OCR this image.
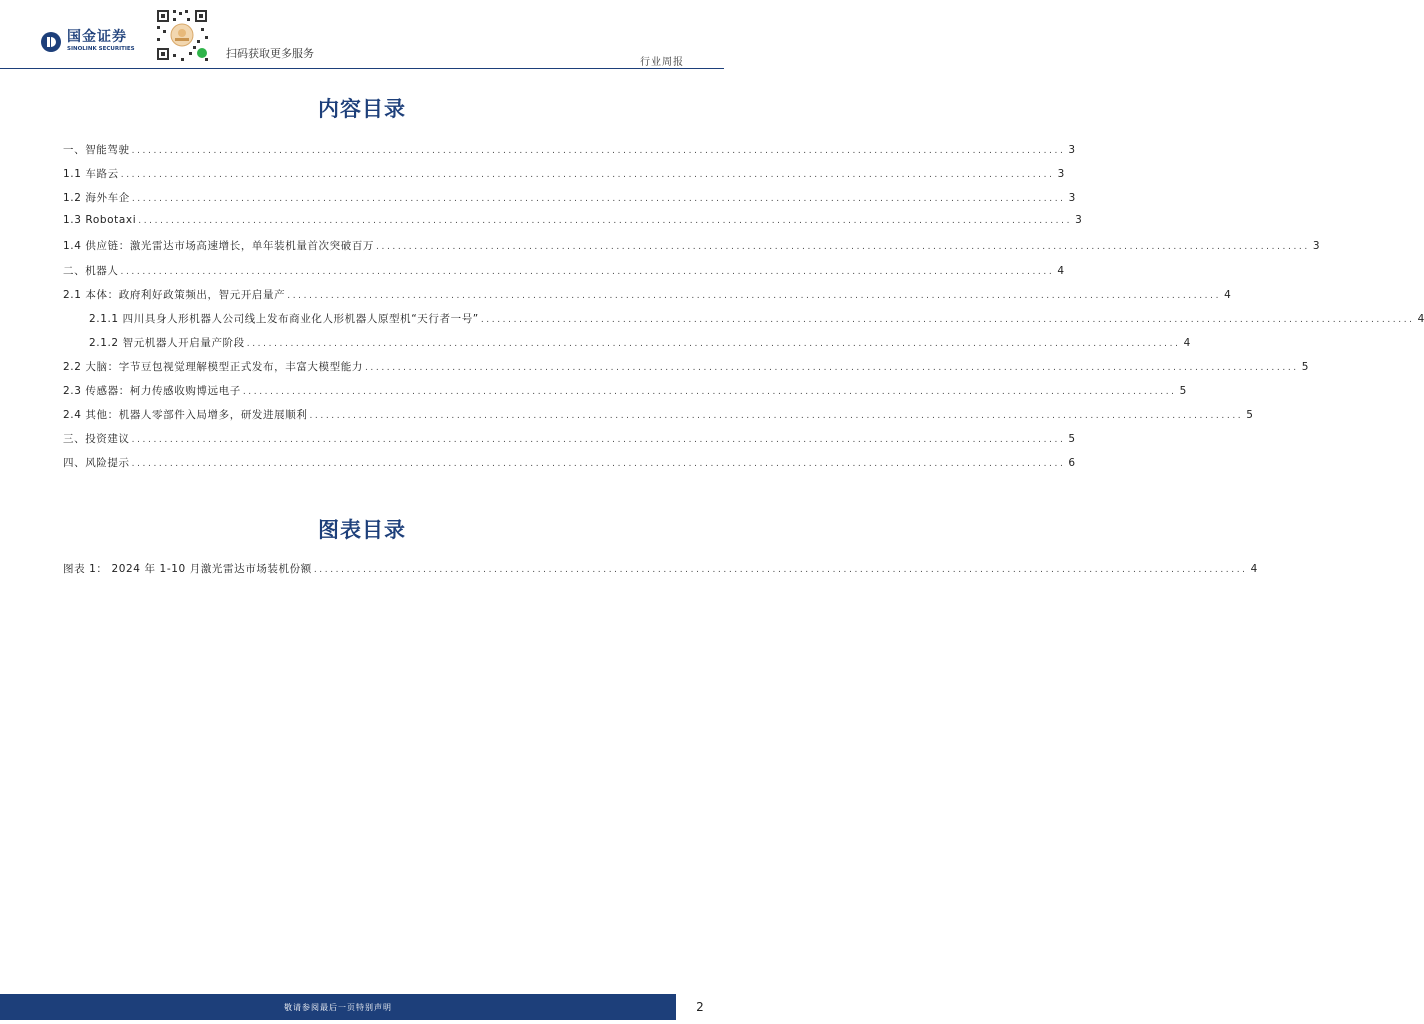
国金证券
SINOLINK SECURITIES	扫码获取更多服务
行业周报
内容目录
一、智能驾驶 ........................................................................................................................................................................... 3
1.1 车路云 ........................................................................................................................................................................... 3
1.2 海外车企 ........................................................................................................................................................................... 3
1.3 Robotaxi ........................................................................................................................................................................... 3
1.4 供应链：激光雷达市场高速增长，单年装机量首次突破百万 ........................................................................................................................................................................... 3
二、机器人 ........................................................................................................................................................................... 4
2.1 本体：政府利好政策频出，智元开启量产 ........................................................................................................................................................................... 4
2.1.1 四川具身人形机器人公司线上发布商业化人形机器人原型机“天行者一号” ........................................................................................................................................................................... 4
2.1.2 智元机器人开启量产阶段 ........................................................................................................................................................................... 4
2.2 大脑：字节豆包视觉理解模型正式发布，丰富大模型能力 ........................................................................................................................................................................... 5
2.3 传感器：柯力传感收购博远电子 ........................................................................................................................................................................... 5
2.4 其他：机器人零部件入局增多，研发进展顺利 ........................................................................................................................................................................... 5
三、投资建议 ........................................................................................................................................................................... 5
四、风险提示 ........................................................................................................................................................................... 6
图表目录
图表 1： 2024 年 1-10 月激光雷达市场装机份额 ........................................................................................................................................................................... 4
敬请参阅最后一页特别声明	2
